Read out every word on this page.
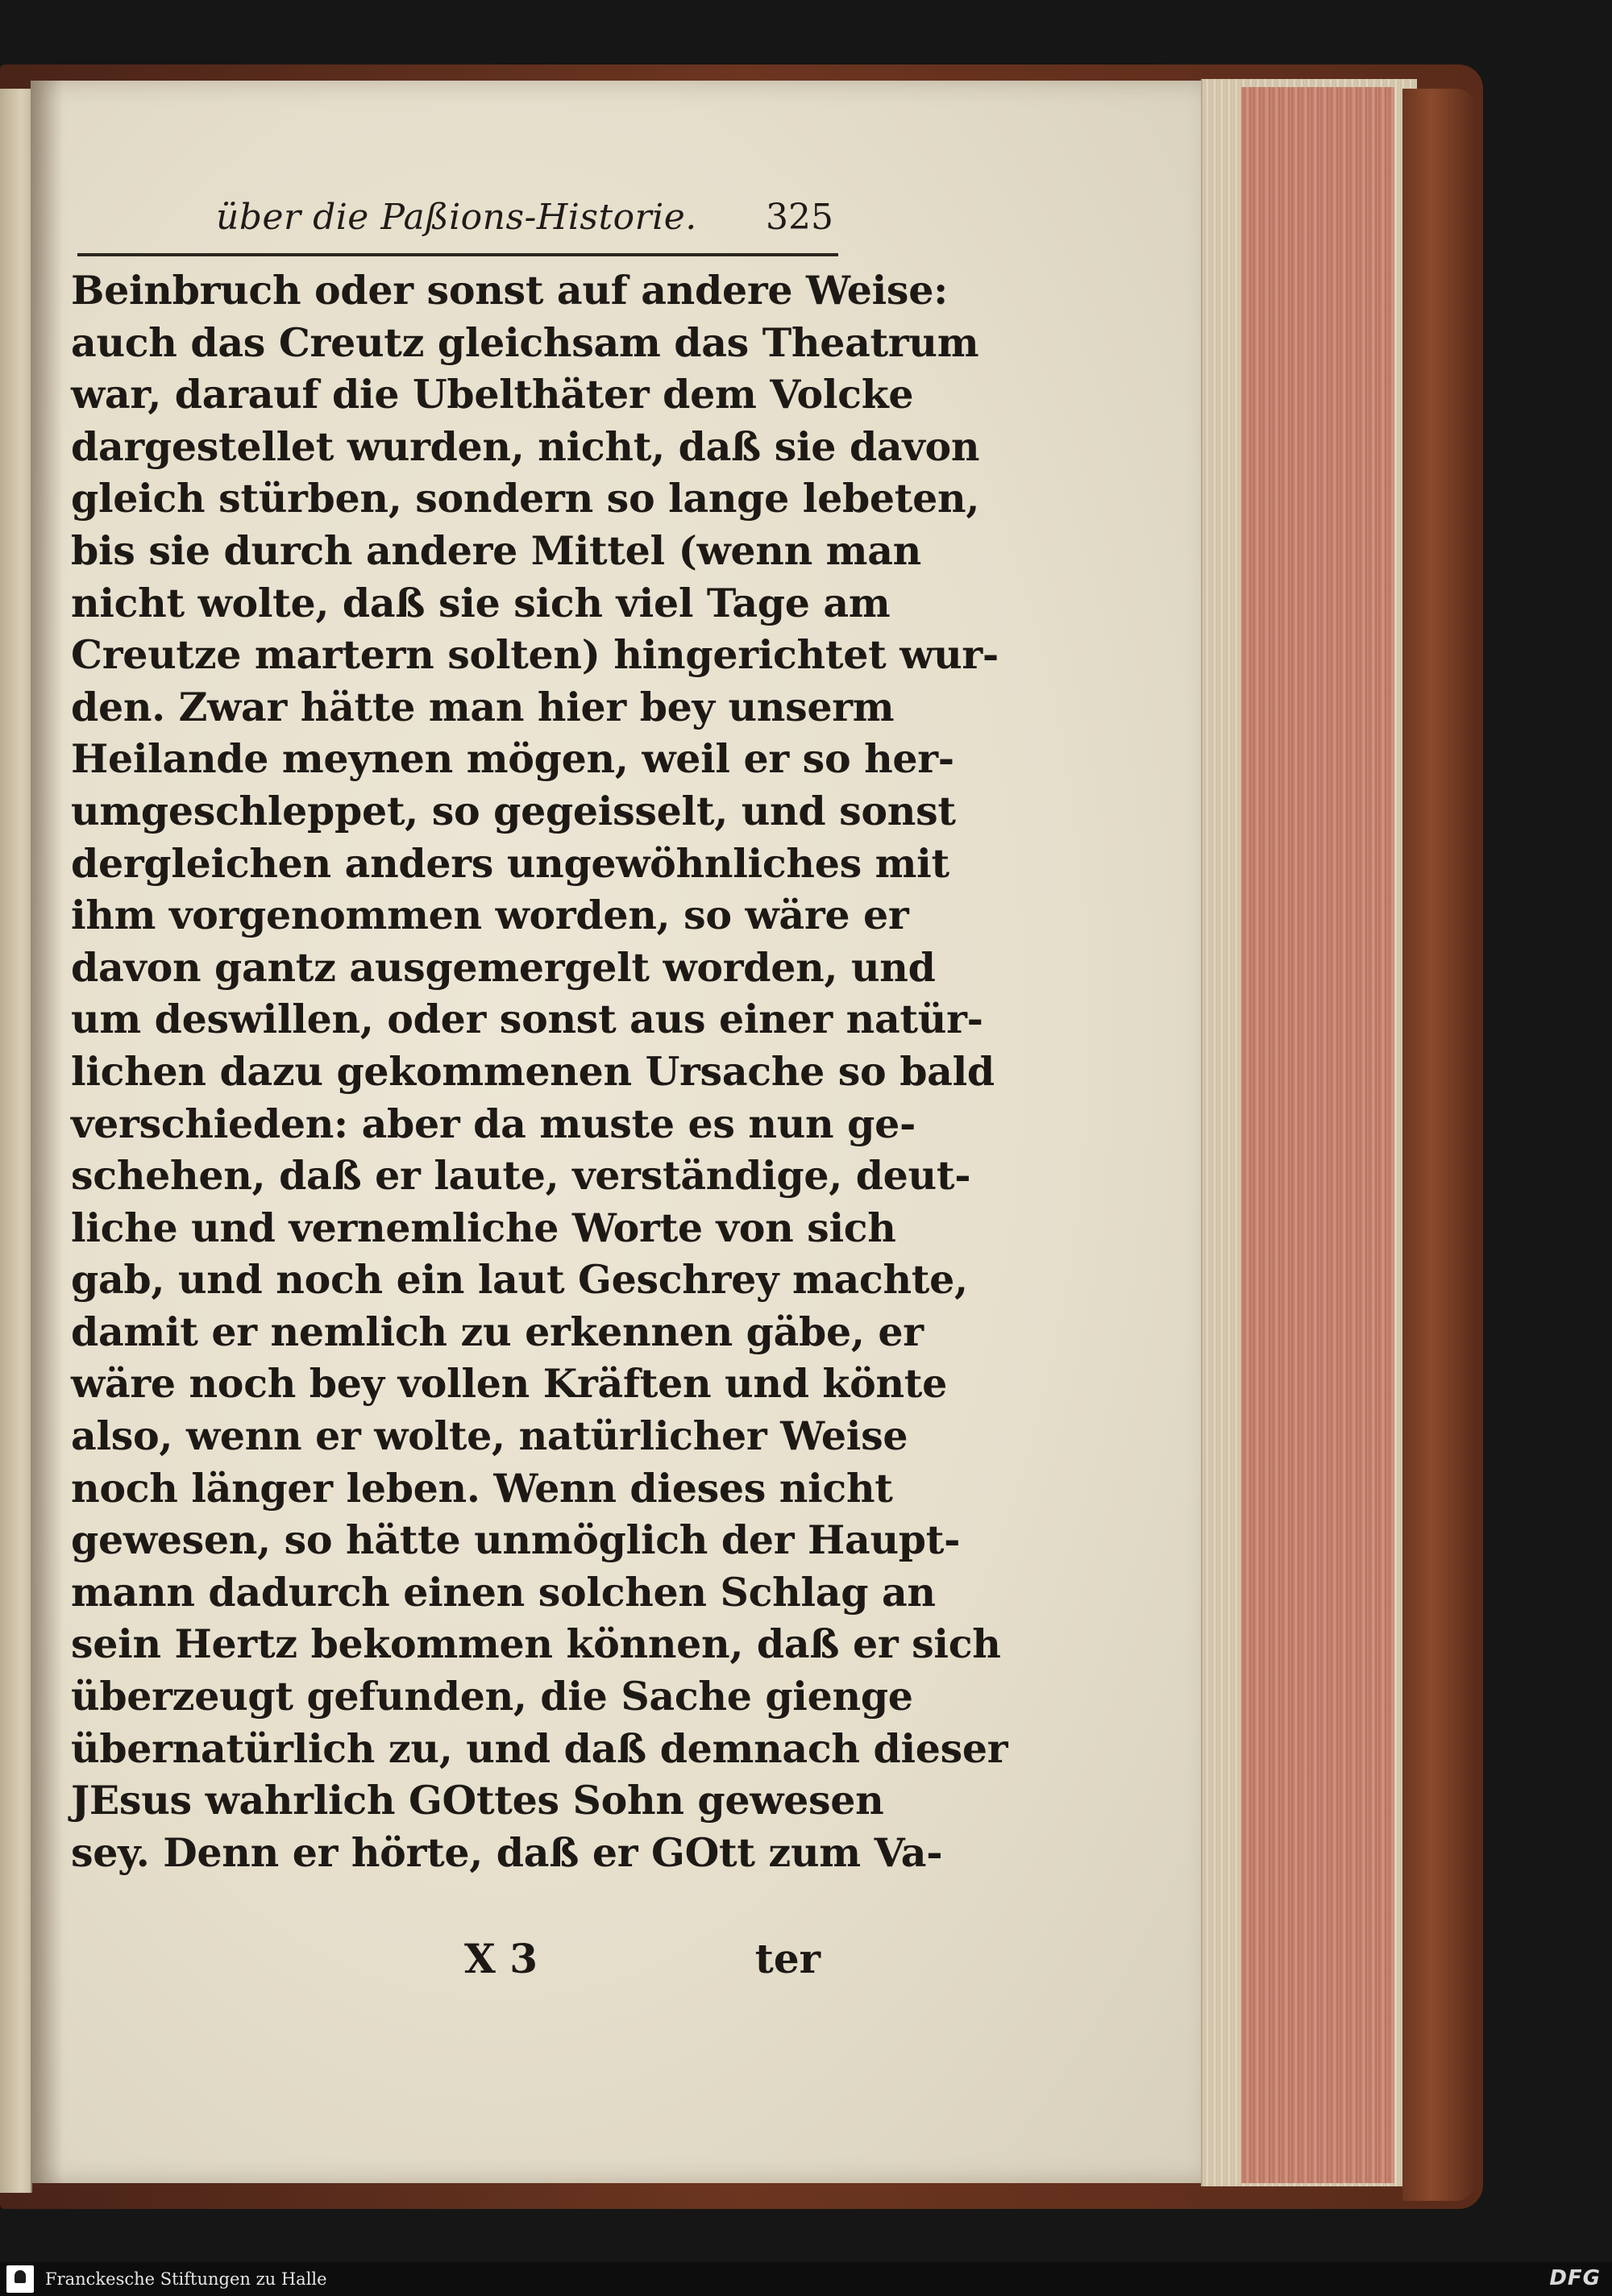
über die Paßions-Historie. 325
Beinbruch oder sonst auf andere Weise:
auch das Creutz gleichsam das Theatrum
war, darauf die Ubelthäter dem Volcke
dargestellet wurden, nicht, daß sie davon
gleich stürben, sondern so lange lebeten,
bis sie durch andere Mittel (wenn man
nicht wolte, daß sie sich viel Tage am
Creutze martern solten) hingerichtet wur-
den. Zwar hätte man hier bey unserm
Heilande meynen mögen, weil er so her-
umgeschleppet, so gegeisselt, und sonst
dergleichen anders ungewöhnliches mit
ihm vorgenommen worden, so wäre er
davon gantz ausgemergelt worden, und
um deswillen, oder sonst aus einer natür-
lichen dazu gekommenen Ursache so bald
verschieden: aber da muste es nun ge-
schehen, daß er laute, verständige, deut-
liche und vernemliche Worte von sich
gab, und noch ein laut Geschrey machte,
damit er nemlich zu erkennen gäbe, er
wäre noch bey vollen Kräften und könte
also, wenn er wolte, natürlicher Weise
noch länger leben. Wenn dieses nicht
gewesen, so hätte unmöglich der Haupt-
mann dadurch einen solchen Schlag an
sein Hertz bekommen können, daß er sich
überzeugt gefunden, die Sache gienge
übernatürlich zu, und daß demnach dieser
JEsus wahrlich GOttes Sohn gewesen
sey. Denn er hörte, daß er GOtt zum Va-
X 3	ter
Franckesche Stiftungen zu Halle	DFG
